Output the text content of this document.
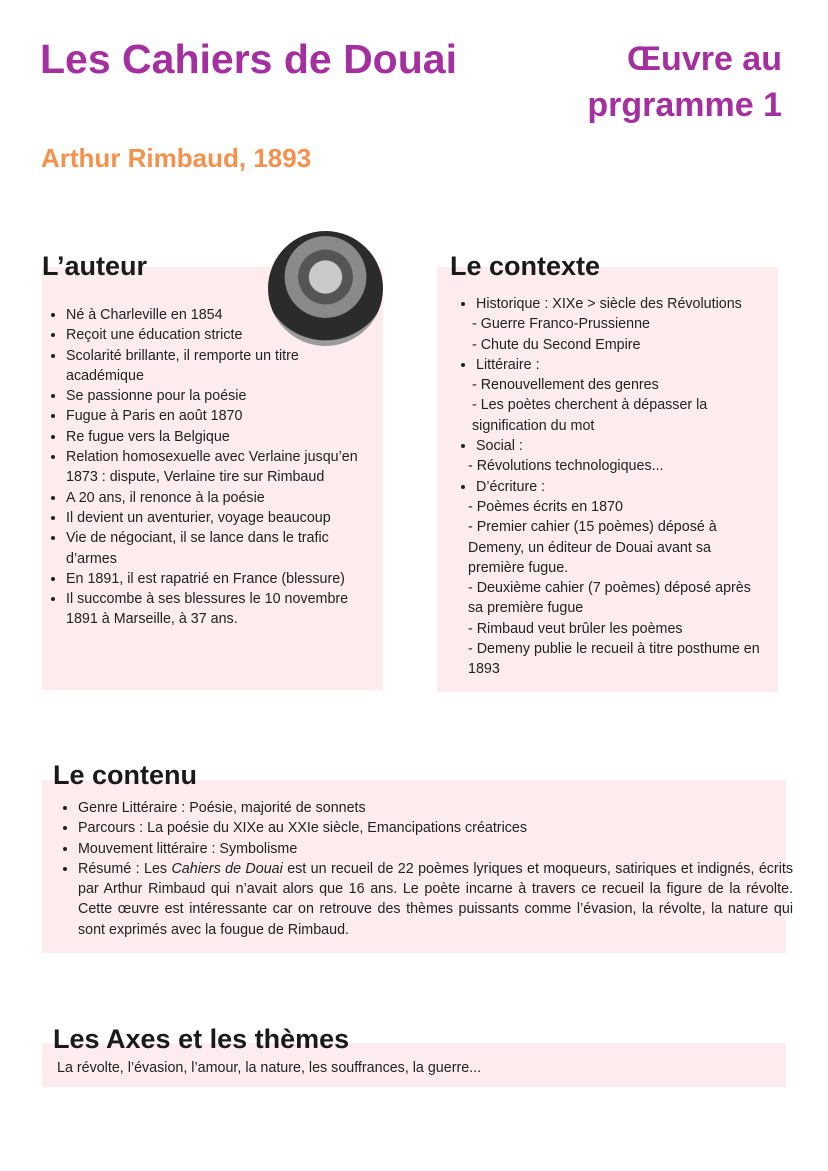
Les Cahiers de Douai	Œuvre au
prgramme 1
Arthur Rimbaud, 1893
L’auteur
• Né à Charleville en 1854
• Reçoit une éducation stricte
• Scolarité brillante, il remporte un titre académique
• Se passionne pour la poésie
• Fugue à Paris en août 1870
• Re fugue vers la Belgique
• Relation homosexuelle avec Verlaine jusqu’en 1873 : dispute, Verlaine tire sur Rimbaud
• A 20 ans, il renonce à la poésie
• Il devient un aventurier, voyage beaucoup
• Vie de négociant, il se lance dans le trafic d’armes
• En 1891, il est rapatrié en France (blessure)
• Il succombe à ses blessures le 10 novembre 1891 à Marseille, à 37 ans.
Le contexte
• Historique : XIXe > siècle des Révolutions
- Guerre Franco-Prussienne
- Chute du Second Empire
• Littéraire :
- Renouvellement des genres
- Les poètes cherchent à dépasser la signification du mot
• Social :
- Révolutions technologiques...
• D’écriture :
- Poèmes écrits en 1870
- Premier cahier (15 poèmes) déposé à Demeny, un éditeur de Douai avant sa première fugue.
- Deuxième cahier (7 poèmes) déposé après sa première fugue
- Rimbaud veut brûler les poèmes
- Demeny publie le recueil à titre posthume en 1893
Le contenu
• Genre Littéraire : Poésie, majorité de sonnets
• Parcours : La poésie du XIXe au XXIe siècle, Emancipations créatrices
• Mouvement littéraire : Symbolisme
• Résumé : Les Cahiers de Douai est un recueil de 22 poèmes lyriques et moqueurs, satiriques et indignés, écrits par Arthur Rimbaud qui n’avait alors que 16 ans. Le poète incarne à travers ce recueil la figure de la révolte. Cette œuvre est intéressante car on retrouve des thèmes puissants comme l’évasion, la révolte, la nature qui sont exprimés avec la fougue de Rimbaud.
Les Axes et les thèmes
La révolte, l’évasion, l’amour, la nature, les souffrances, la guerre...
